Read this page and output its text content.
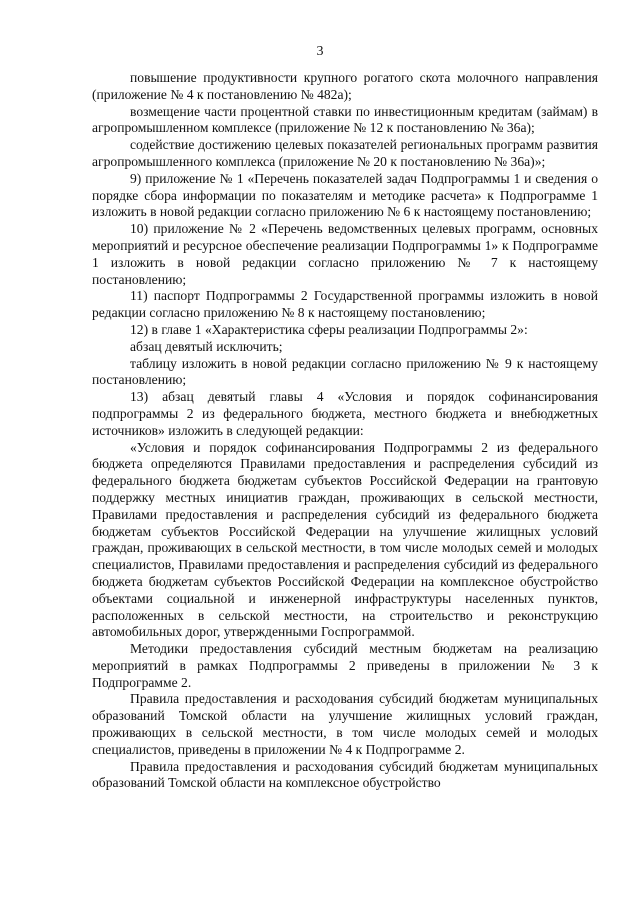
3

повышение продуктивности крупного рогатого скота молочного направления (приложение № 4 к постановлению № 482а);

возмещение части процентной ставки по инвестиционным кредитам (займам) в агропромышленном комплексе (приложение № 12 к постановлению № 36а);

содействие достижению целевых показателей региональных программ развития агропромышленного комплекса (приложение № 20 к постановлению № 36а)»;

9) приложение № 1 «Перечень показателей задач Подпрограммы 1 и сведения о порядке сбора информации по показателям и методике расчета» к Подпрограмме 1 изложить в новой редакции согласно приложению № 6 к настоящему постановлению;

10) приложение № 2 «Перечень ведомственных целевых программ, основных мероприятий и ресурсное обеспечение реализации Подпрограммы 1» к Подпрограмме 1 изложить в новой редакции согласно приложению № 7 к настоящему постановлению;

11) паспорт Подпрограммы 2 Государственной программы изложить в новой редакции согласно приложению № 8 к настоящему постановлению;

12) в главе 1 «Характеристика сферы реализации Подпрограммы 2»:

абзац девятый исключить;

таблицу изложить в новой редакции согласно приложению № 9 к настоящему постановлению;

13) абзац девятый главы 4 «Условия и порядок софинансирования подпрограммы 2 из федерального бюджета, местного бюджета и внебюджетных источников» изложить в следующей редакции:

«Условия и порядок софинансирования Подпрограммы 2 из федерального бюджета определяются Правилами предоставления и распределения субсидий из федерального бюджета бюджетам субъектов Российской Федерации на грантовую поддержку местных инициатив граждан, проживающих в сельской местности, Правилами предоставления и распределения субсидий из федерального бюджета бюджетам субъектов Российской Федерации на улучшение жилищных условий граждан, проживающих в сельской местности, в том числе молодых семей и молодых специалистов, Правилами предоставления и распределения субсидий из федерального бюджета бюджетам субъектов Российской Федерации на комплексное обустройство объектами социальной и инженерной инфраструктуры населенных пунктов, расположенных в сельской местности, на строительство и реконструкцию автомобильных дорог, утвержденными Госпрограммой.

Методики предоставления субсидий местным бюджетам на реализацию мероприятий в рамках Подпрограммы 2 приведены в приложении № 3 к Подпрограмме 2.

Правила предоставления и расходования субсидий бюджетам муниципальных образований Томской области на улучшение жилищных условий граждан, проживающих в сельской местности, в том числе молодых семей и молодых специалистов, приведены в приложении № 4 к Подпрограмме 2.

Правила предоставления и расходования субсидий бюджетам муниципальных образований Томской области на комплексное обустройство
